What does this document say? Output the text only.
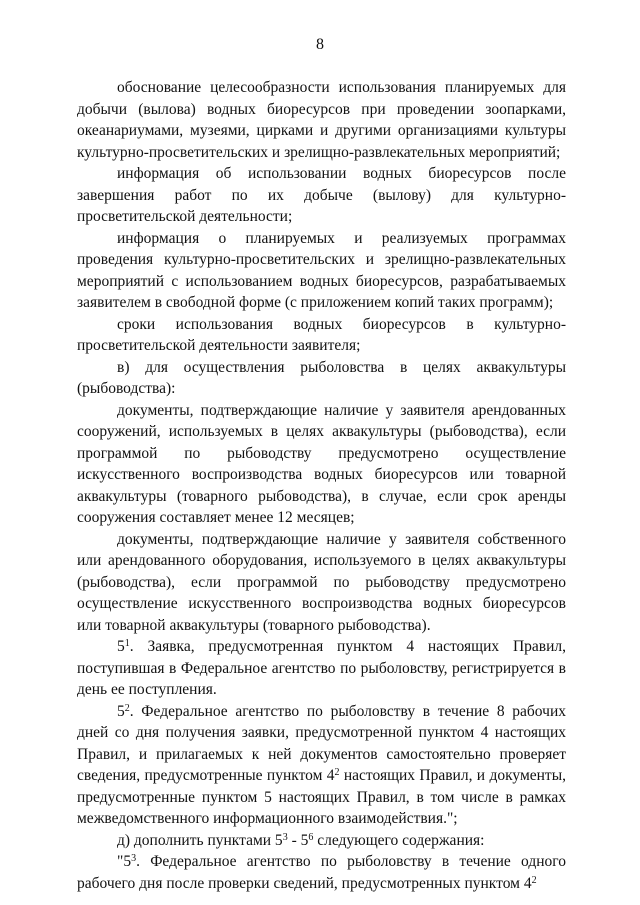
8

обоснование целесообразности использования планируемых для добычи (вылова) водных биоресурсов при проведении зоопарками, океанариумами, музеями, цирками и другими организациями культуры культурно-просветительских и зрелищно-развлекательных мероприятий;

информация об использовании водных биоресурсов после завершения работ по их добыче (вылову) для культурно-просветительской деятельности;

информация о планируемых и реализуемых программах проведения культурно-просветительских и зрелищно-развлекательных мероприятий с использованием водных биоресурсов, разрабатываемых заявителем в свободной форме (с приложением копий таких программ);

сроки использования водных биоресурсов в культурно-просветительской деятельности заявителя;

в) для осуществления рыболовства в целях аквакультуры (рыбоводства):

документы, подтверждающие наличие у заявителя арендованных сооружений, используемых в целях аквакультуры (рыбоводства), если программой по рыбоводству предусмотрено осуществление искусственного воспроизводства водных биоресурсов или товарной аквакультуры (товарного рыбоводства), в случае, если срок аренды сооружения составляет менее 12 месяцев;

документы, подтверждающие наличие у заявителя собственного или арендованного оборудования, используемого в целях аквакультуры (рыбоводства), если программой по рыбоводству предусмотрено осуществление искусственного воспроизводства водных биоресурсов или товарной аквакультуры (товарного рыбоводства).

$5^1$. Заявка, предусмотренная пунктом 4 настоящих Правил, поступившая в Федеральное агентство по рыболовству, регистрируется в день ее поступления.

$5^2$. Федеральное агентство по рыболовству в течение 8 рабочих дней со дня получения заявки, предусмотренной пунктом 4 настоящих Правил, и прилагаемых к ней документов самостоятельно проверяет сведения, предусмотренные пунктом $4^2$ настоящих Правил, и документы, предусмотренные пунктом 5 настоящих Правил, в том числе в рамках межведомственного информационного взаимодействия.";

д) дополнить пунктами $5^3 - 5^6$ следующего содержания:

"$5^3$. Федеральное агентство по рыболовству в течение одного рабочего дня после проверки сведений, предусмотренных пунктом $4^2$
